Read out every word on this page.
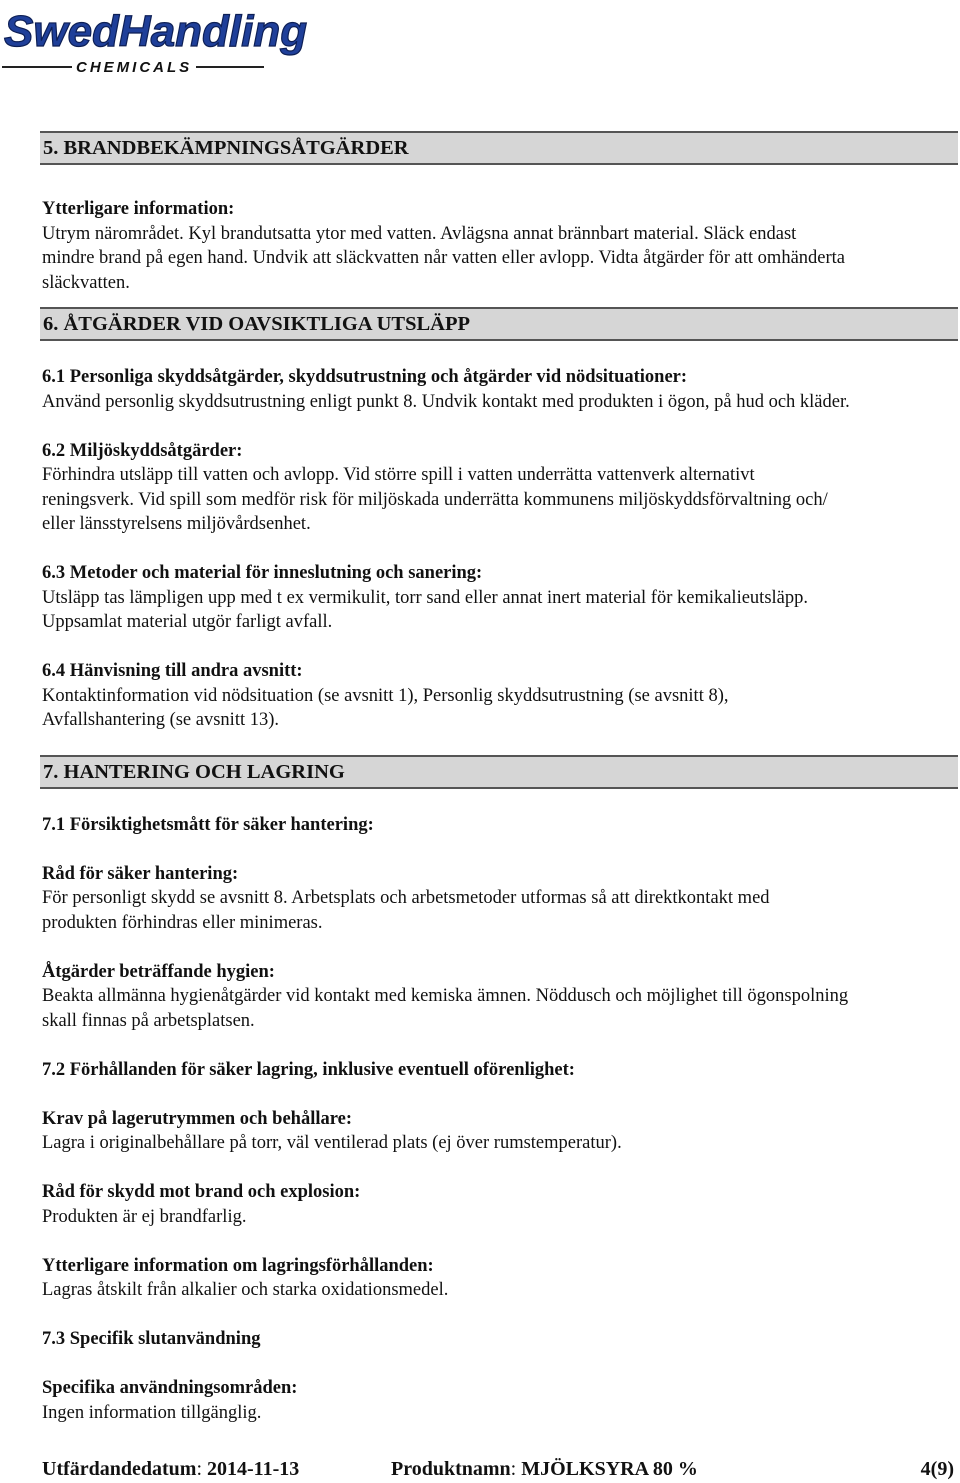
SwedHandling
CHEMICALS
5. BRANDBEKÄMPNINGSÅTGÄRDER

Ytterligare information:

Utrym närområdet. Kyl brandutsatta ytor med vatten. Avlägsna annat brännbart material. Släck endast

mindre brand på egen hand. Undvik att släckvatten når vatten eller avlopp. Vidta åtgärder för att omhänderta

släckvatten.

6. ÅTGÄRDER VID OAVSIKTLIGA UTSLÄPP

6.1 Personliga skyddsåtgärder, skyddsutrustning och åtgärder vid nödsituationer:

Använd personlig skyddsutrustning enligt punkt 8. Undvik kontakt med produkten i ögon, på hud och kläder.

6.2 Miljöskyddsåtgärder:

Förhindra utsläpp till vatten och avlopp. Vid större spill i vatten underrätta vattenverk alternativt

reningsverk. Vid spill som medför risk för miljöskada underrätta kommunens miljöskyddsförvaltning och/

eller länsstyrelsens miljövårdsenhet.

6.3 Metoder och material för inneslutning och sanering:

Utsläpp tas lämpligen upp med t ex vermikulit, torr sand eller annat inert material för kemikalieutsläpp.

Uppsamlat material utgör farligt avfall.

6.4 Hänvisning till andra avsnitt:

Kontaktinformation vid nödsituation (se avsnitt 1), Personlig skyddsutrustning (se avsnitt 8),

Avfallshantering (se avsnitt 13).

7. HANTERING OCH LAGRING

7.1 Försiktighetsmått för säker hantering:

Råd för säker hantering:

För personligt skydd se avsnitt 8. Arbetsplats och arbetsmetoder utformas så att direktkontakt med

produkten förhindras eller minimeras.

Åtgärder beträffande hygien:

Beakta allmänna hygienåtgärder vid kontakt med kemiska ämnen. Nöddusch och möjlighet till ögonspolning

skall finnas på arbetsplatsen.

7.2 Förhållanden för säker lagring, inklusive eventuell oförenlighet:

Krav på lagerutrymmen och behållare:

Lagra i originalbehållare på torr, väl ventilerad plats (ej över rumstemperatur).

Råd för skydd mot brand och explosion:

Produkten är ej brandfarlig.

Ytterligare information om lagringsförhållanden:

Lagras åtskilt från alkalier och starka oxidationsmedel.

7.3 Specifik slutanvändning

Specifika användningsområden:

Ingen information tillgänglig.

Utfärdandedatum: 2014-11-13	Produktnamn: MJÖLKSYRA 80 %	4(9)
